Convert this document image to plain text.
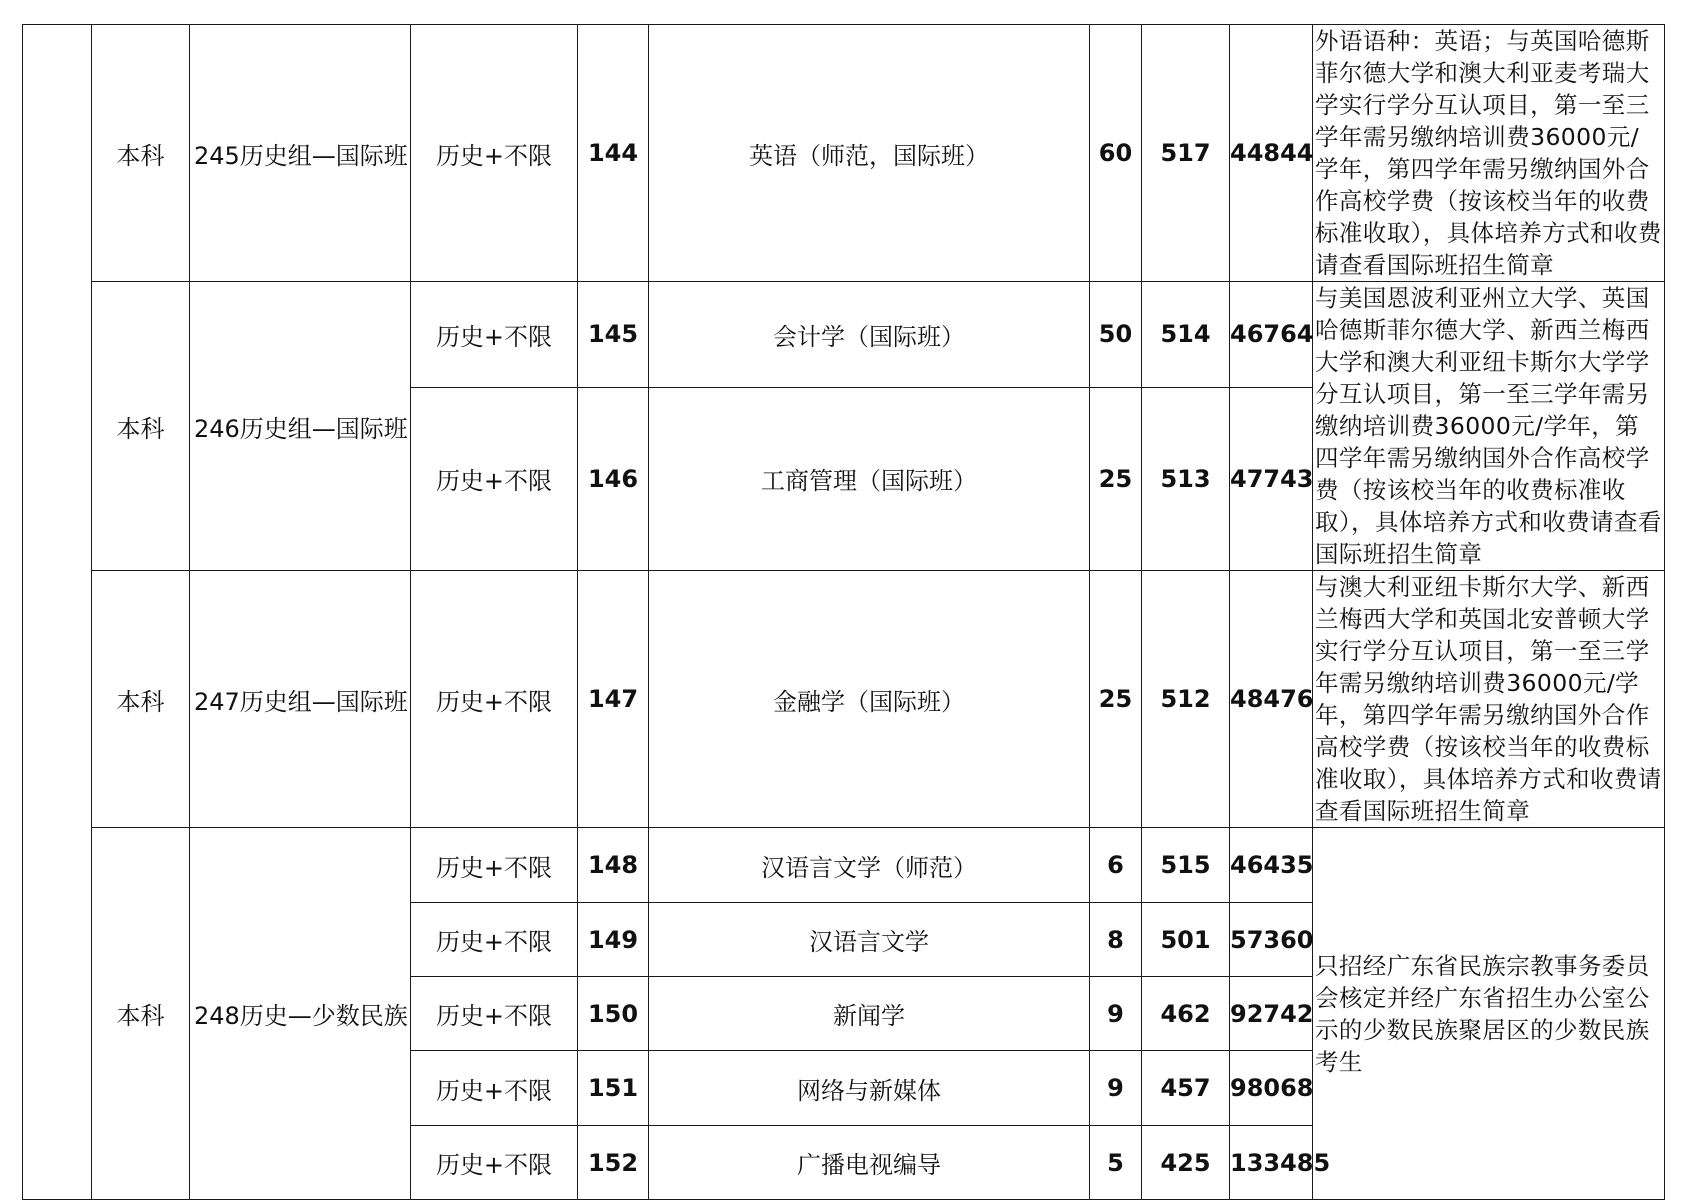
	本科	245历史组—国际班	历史+不限	144	英语（师范，国际班）	60	517	44844	外语语种：英语；与英国哈德斯菲尔德大学和澳大利亚麦考瑞大学实行学分互认项目，第一至三学年需另缴纳培训费36000元/学年，第四学年需另缴纳国外合作高校学费（按该校当年的收费标准收取），具体培养方式和收费请查看国际班招生简章
	本科	246历史组—国际班	历史+不限	145	会计学（国际班）	50	514	46764	与美国恩波利亚州立大学、英国哈德斯菲尔德大学、新西兰梅西大学和澳大利亚纽卡斯尔大学学分互认项目，第一至三学年需另缴纳培训费36000元/学年，第四学年需另缴纳国外合作高校学费（按该校当年的收费标准收取），具体培养方式和收费请查看国际班招生简章
			历史+不限	146	工商管理（国际班）	25	513	47743	
	本科	247历史组—国际班	历史+不限	147	金融学（国际班）	25	512	48476	与澳大利亚纽卡斯尔大学、新西兰梅西大学和英国北安普顿大学实行学分互认项目，第一至三学年需另缴纳培训费36000元/学年，第四学年需另缴纳国外合作高校学费（按该校当年的收费标准收取），具体培养方式和收费请查看国际班招生简章
	本科	248历史—少数民族	历史+不限	148	汉语言文学（师范）	6	515	46435	只招经广东省民族宗教事务委员会核定并经广东省招生办公室公示的少数民族聚居区的少数民族考生
			历史+不限	149	汉语言文学	8	501	57360	
			历史+不限	150	新闻学	9	462	92742	
			历史+不限	151	网络与新媒体	9	457	98068	
			历史+不限	152	广播电视编导	5	425	133485	
